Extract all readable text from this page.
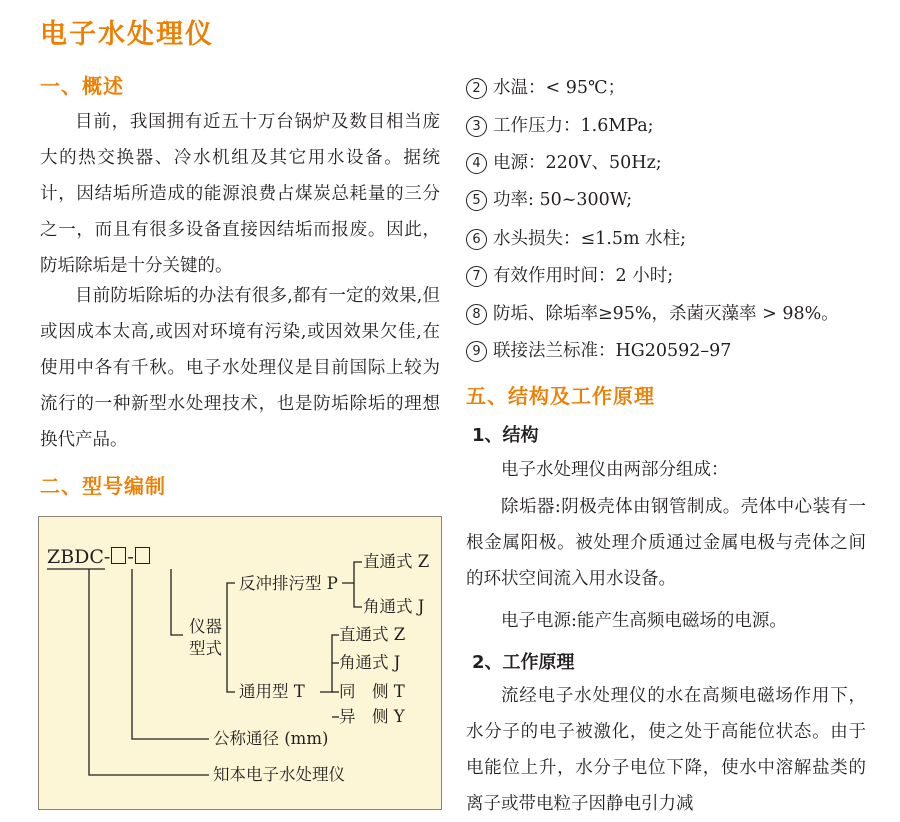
电子水处理仪
一、概述

目前，我国拥有近五十万台锅炉及数目相当庞大的热交换器、冷水机组及其它用水设备。据统计，因结垢所造成的能源浪费占煤炭总耗量的三分之一，而且有很多设备直接因结垢而报废。因此，防垢除垢是十分关键的。

目前防垢除垢的办法有很多,都有一定的效果,但或因成本太高,或因对环境有污染,或因效果欠佳,在使用中各有千秋。电子水处理仪是目前国际上较为流行的一种新型水处理技术，也是防垢除垢的理想换代产品。

二、型号编制
ZBDC- -	直通式 Z
反冲排污型 P
角通式 J
仪器
型式
直通式 Z
角通式 J
通用型 T 同　侧 T
异　侧 Y
公称通径 (mm)
知本电子水处理仪
2 水温：< 95℃；
3 工作压力：1.6MPa;
4 电源：220V、50Hz;
5 功率: 50~300W;
6 水头损失：≤1.5m 水柱;
7 有效作用时间：2 小时;
8 防垢、除垢率≥95%，杀菌灭藻率 > 98%。
9 联接法兰标准：HG20592–97
五、结构及工作原理
1、结构

电子水处理仪由两部分组成：

除垢器:阴极壳体由钢管制成。壳体中心装有一根金属阳极。被处理介质通过金属电极与壳体之间的环状空间流入用水设备。

电子电源:能产生高频电磁场的电源。

2、工作原理

流经电子水处理仪的水在高频电磁场作用下，水分子的电子被激化，使之处于高能位状态。由于电能位上升，水分子电位下降，使水中溶解盐类的离子或带电粒子因静电引力减
